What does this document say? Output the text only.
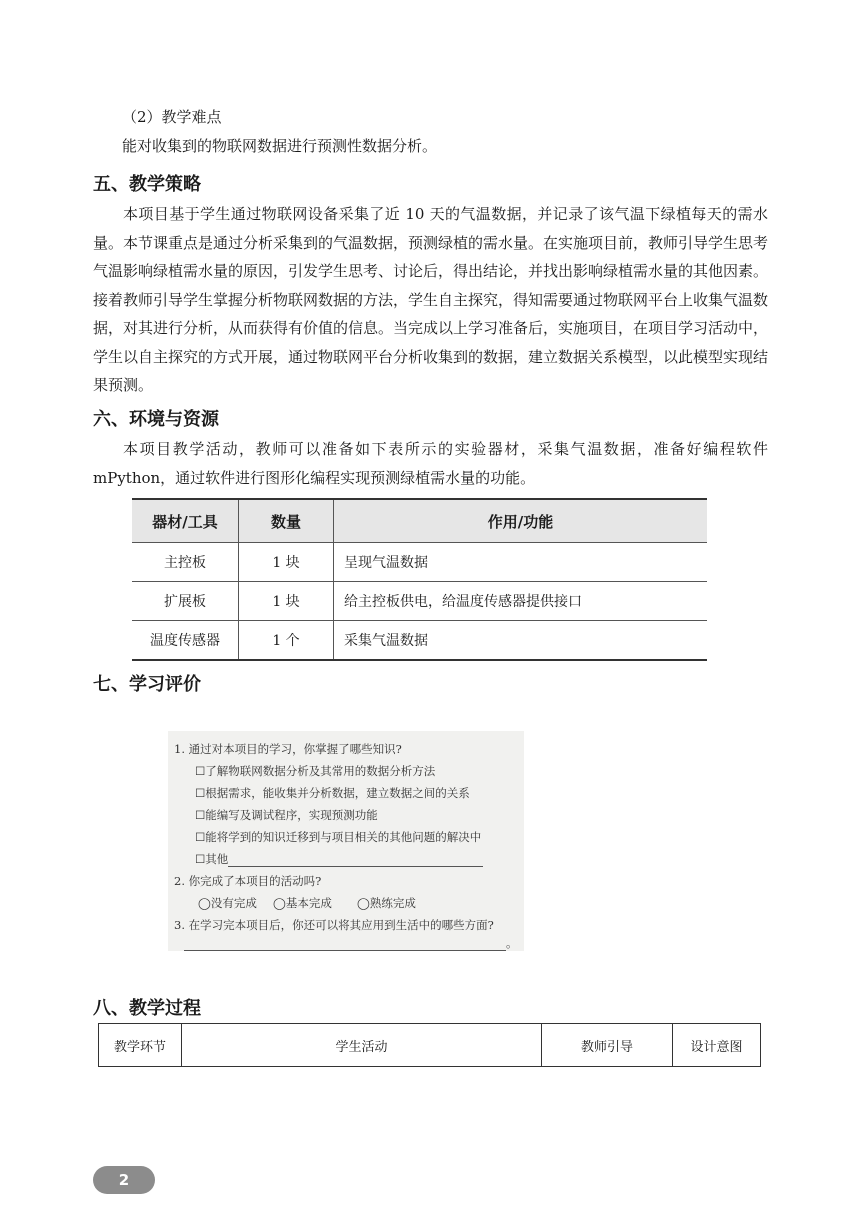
（2）教学难点
能对收集到的物联网数据进行预测性数据分析。
五、教学策略
本项目基于学生通过物联网设备采集了近 10 天的气温数据，并记录了该气温下绿植每天的需水量。本节课重点是通过分析采集到的气温数据，预测绿植的需水量。在实施项目前，教师引导学生思考气温影响绿植需水量的原因，引发学生思考、讨论后，得出结论，并找出影响绿植需水量的其他因素。接着教师引导学生掌握分析物联网数据的方法，学生自主探究，得知需要通过物联网平台上收集气温数据，对其进行分析，从而获得有价值的信息。当完成以上学习准备后，实施项目，在项目学习活动中，学生以自主探究的方式开展，通过物联网平台分析收集到的数据，建立数据关系模型，以此模型实现结果预测。
六、环境与资源
本项目教学活动，教师可以准备如下表所示的实验器材，采集气温数据，准备好编程软件 mPython，通过软件进行图形化编程实现预测绿植需水量的功能。
器材/工具	数量	作用/功能
主控板	1 块	呈现气温数据
扩展板	1 块	给主控板供电，给温度传感器提供接口
温度传感器	1 个	采集气温数据
七、学习评价
1. 通过对本项目的学习，你掌握了哪些知识?
☐了解物联网数据分析及其常用的数据分析方法
☐根据需求，能收集并分析数据，建立数据之间的关系
☐能编写及调试程序，实现预测功能
☐能将学到的知识迁移到与项目相关的其他问题的解决中
☐其他
2. 你完成了本项目的活动吗?
◯没有完成 ◯基本完成 ◯熟练完成
3. 在学习完本项目后，你还可以将其应用到生活中的哪些方面?
。
八、教学过程
教学环节	学生活动	教师引导	设计意图
2
